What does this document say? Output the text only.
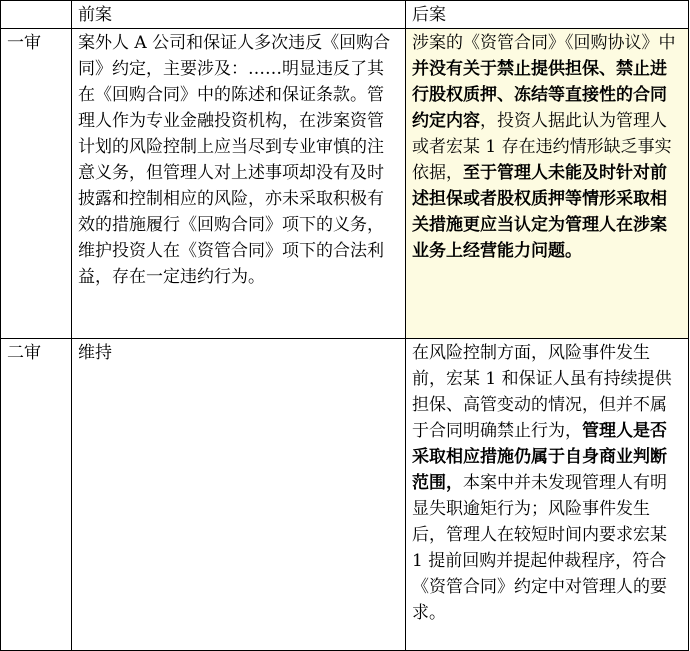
	前案	后案
一审	案外人 A 公司和保证人多次违反《回购合同》约定，主要涉及：……明显违反了其在《回购合同》中的陈述和保证条款。管理人作为专业金融投资机构，在涉案资管计划的风险控制上应当尽到专业审慎的注意义务，但管理人对上述事项却没有及时披露和控制相应的风险，亦未采取积极有效的措施履行《回购合同》项下的义务，维护投资人在《资管合同》项下的合法利益，存在一定违约行为。	涉案的《资管合同》《回购协议》中并没有关于禁止提供担保、禁止进行股权质押、冻结等直接性的合同约定内容，投资人据此认为管理人或者宏某 1 存在违约情形缺乏事实依据，至于管理人未能及时针对前述担保或者股权质押等情形采取相关措施更应当认定为管理人在涉案业务上经营能力问题。
二审	维持	在风险控制方面，风险事件发生前，宏某 1 和保证人虽有持续提供担保、高管变动的情况，但并不属于合同明确禁止行为，管理人是否采取相应措施仍属于自身商业判断范围，本案中并未发现管理人有明显失职逾矩行为；风险事件发生后，管理人在较短时间内要求宏某 1 提前回购并提起仲裁程序，符合《资管合同》约定中对管理人的要求。
